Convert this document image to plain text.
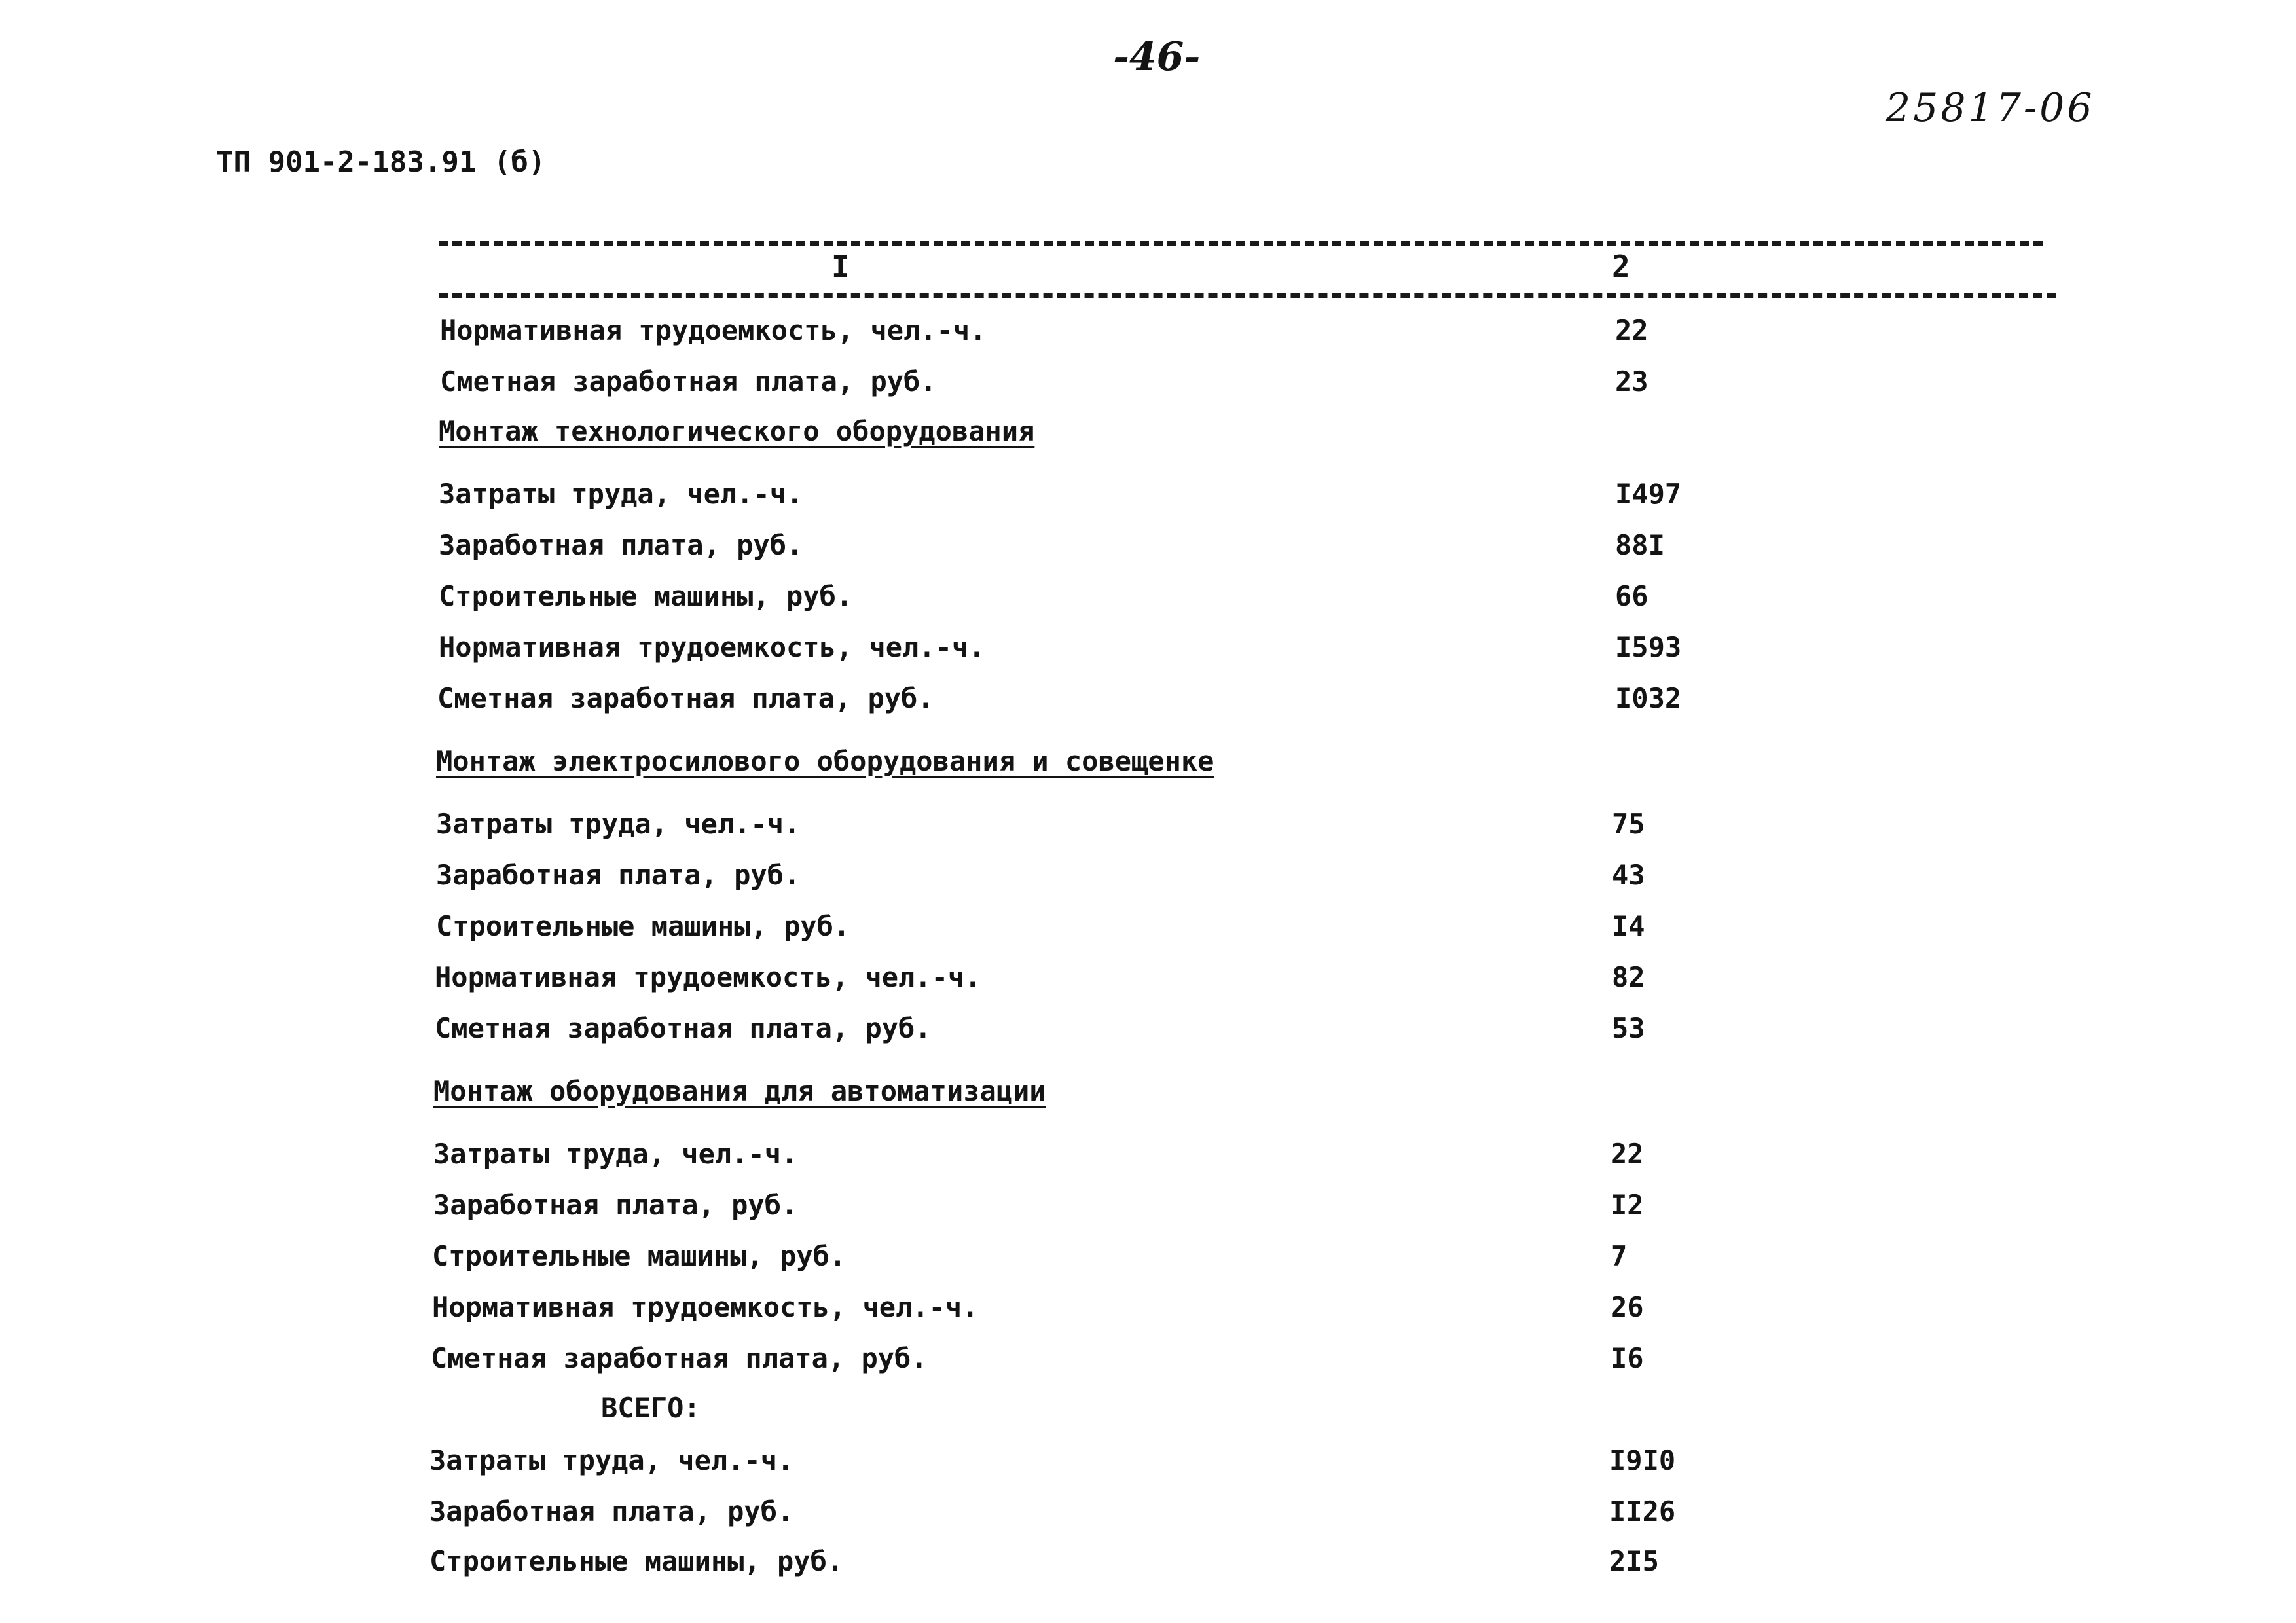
-46-
25817-06
ТП 901-2-183.91 (б)
I	2
Нормативная трудоемкость, чел.-ч.	22
Сметная заработная плата, руб.	23
Монтаж технологического оборудования
Затраты труда, чел.-ч.	I497
Заработная плата, руб.	88I
Строительные машины, руб.	66
Нормативная трудоемкость, чел.-ч.	I593
Сметная заработная плата, руб.	I032
Монтаж электросилового оборудования и совещенке
Затраты труда, чел.-ч.	75
Заработная плата, руб.	43
Строительные машины, руб.	I4
Нормативная трудоемкость, чел.-ч.	82
Сметная заработная плата, руб.	53
Монтаж оборудования для автоматизации
Затраты труда, чел.-ч.	22
Заработная плата, руб.	I2
Строительные машины, руб.	7
Нормативная трудоемкость, чел.-ч.	26
Сметная заработная плата, руб.	I6
ВСЕГО:
Затраты труда, чел.-ч.	I9I0
Заработная плата, руб.	II26
Строительные машины, руб.	2I5
